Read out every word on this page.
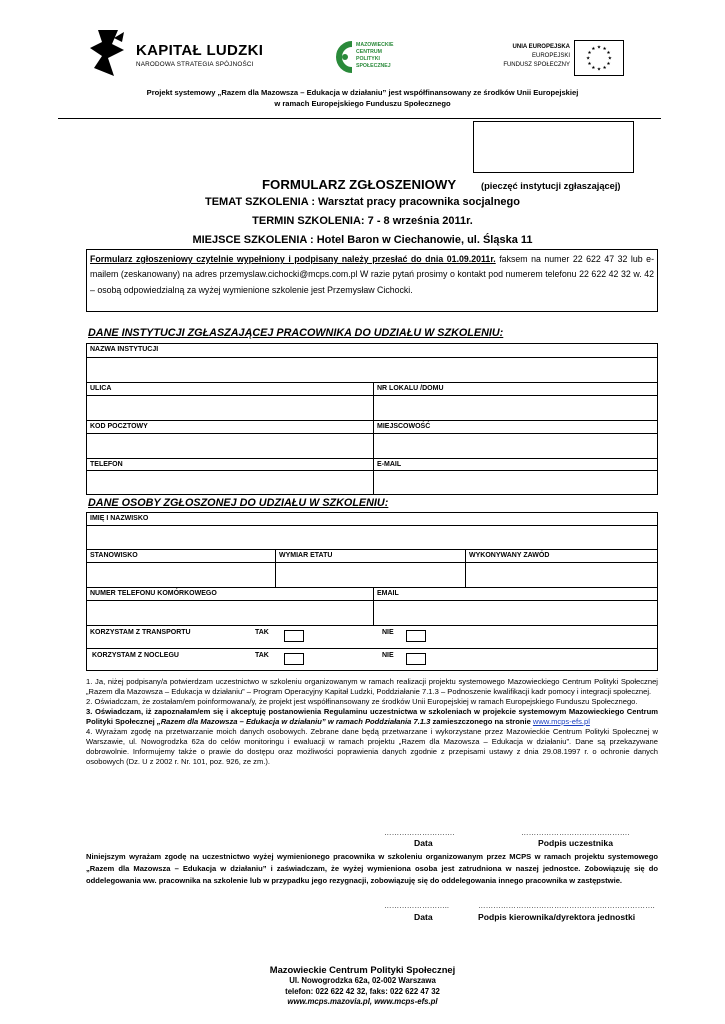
KAPITAŁ LUDZKI
NARODOWA STRATEGIA SPÓJNOŚCI
MAZOWIECKIE
CENTRUM
POLITYKI
SPOŁECZNEJ
UNIA EUROPEJSKA
EUROPEJSKI
FUNDUSZ SPOŁECZNY
★ ★
★
★
★
★
★
★
★
★
★
★
Projekt systemowy „Razem dla Mazowsza – Edukacja w działaniu” jest współfinansowany ze środków Unii Europejskiej
w ramach Europejskiego Funduszu Społecznego
FORMULARZ ZGŁOSZENIOWY	(pieczęć instytucji zgłaszającej)
TEMAT SZKOLENIA : Warsztat pracy pracownika socjalnego
TERMIN SZKOLENIA: 7 - 8 września 2011r.
MIEJSCE SZKOLENIA : Hotel Baron w Ciechanowie, ul. Śląska 11
Formularz zgłoszeniowy czytelnie wypełniony i podpisany należy przesłać do dnia 01.09.2011r. faksem na numer 22 622 47 32 lub e-mailem (zeskanowany) na adres przemyslaw.cichocki@mcps.com.pl W razie pytań prosimy o kontakt pod numerem telefonu 22 622 42 32 w. 42 – osobą odpowiedzialną za wyżej wymienione szkolenie jest Przemysław Cichocki.
DANE INSTYTUCJI ZGŁASZAJĄCEJ PRACOWNIKA DO UDZIAŁU W SZKOLENIU:
NAZWA INSTYTUCJI
ULICA	NR LOKALU /DOMU
KOD POCZTOWY	MIEJSCOWOŚĆ
TELEFON	E-MAIL
DANE OSOBY ZGŁOSZONEJ DO UDZIAŁU W SZKOLENIU:
IMIĘ I NAZWISKO
STANOWISKO	WYMIAR ETATU	WYKONYWANY ZAWÓD
NUMER TELEFONU KOMÓRKOWEGO	EMAIL
KORZYSTAM Z TRANSPORTU	TAK	NIE
KORZYSTAM Z NOCLEGU	TAK	NIE

1. Ja, niżej podpisany/a potwierdzam uczestnictwo w szkoleniu organizowanym w ramach realizacji projektu systemowego Mazowieckiego Centrum Polityki Społecznej „Razem dla Mazowsza – Edukacja w działaniu” – Program Operacyjny Kapitał Ludzki, Poddziałanie 7.1.3 – Podnoszenie kwalifikacji kadr pomocy i integracji społecznej.

2. Oświadczam, że zostałam/em poinformowana/y, że projekt jest współfinansowany ze środków Unii Europejskiej w ramach Europejskiego Funduszu Społecznego.

3. Oświadczam, iż zapoznałam/em się i akceptuję postanowienia Regulaminu uczestnictwa w szkoleniach w projekcie systemowym Mazowieckiego Centrum Polityki Społecznej „Razem dla Mazowsza – Edukacja w działaniu” w ramach Poddziałania 7.1.3 zamieszczonego na stronie www.mcps-efs.pl

4. Wyrażam zgodę na przetwarzanie moich danych osobowych. Zebrane dane będą przetwarzane i wykorzystane przez Mazowieckie Centrum Polityki Społecznej w Warszawie, ul. Nowogrodzka 62a do celów monitoringu i ewaluacji w ramach projektu „Razem dla Mazowsza – Edukacja w działaniu”. Dane są przekazywane dobrowolnie. Informujemy także o prawie do dostępu oraz możliwości poprawienia danych zgodnie z przepisami ustawy z dnia 29.08.1997 r. o ochronie danych osobowych (Dz. U z 2002 r. Nr. 101, poz. 926, ze zm.).

……………………….	…………………………………….
Data	Podpis uczestnika
Niniejszym wyrażam zgodę na uczestnictwo wyżej wymienionego pracownika w szkoleniu organizowanym przez MCPS w ramach projektu systemowego „Razem dla Mazowsza – Edukacja w działaniu” i zaświadczam, że wyżej wymieniona osoba jest zatrudniona w naszej jednostce. Zobowiązuję się do oddelegowania ww. pracownika na szkolenie lub w przypadku jego rezygnacji, zobowiązuję się do oddelegowania innego pracownika w zastępstwie.
……………………..	…………………………………………………………….
Data	Podpis kierownika/dyrektora jednostki
Mazowieckie Centrum Polityki Społecznej
Ul. Nowogrodzka 62a, 02-002 Warszawa
telefon: 022 622 42 32, faks: 022 622 47 32
www.mcps.mazovia.pl, www.mcps-efs.pl
